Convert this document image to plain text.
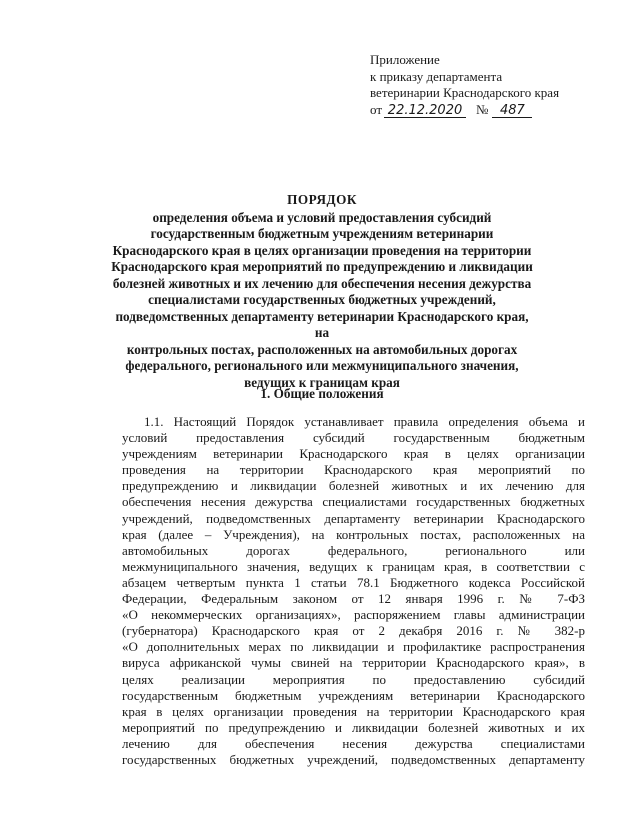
Приложение
к приказу департамента
ветеринарии Краснодарского края
от 22.12.2020 № 487
ПОРЯДОК
определения объема и условий предоставления субсидий
государственным бюджетным учреждениям ветеринарии
Краснодарского края в целях организации проведения на территории
Краснодарского края мероприятий по предупреждению и ликвидации
болезней животных и их лечению для обеспечения несения дежурства
специалистами государственных бюджетных учреждений,
подведомственных департаменту ветеринарии Краснодарского края, на
контрольных постах, расположенных на автомобильных дорогах
федерального, регионального или межмуниципального значения,
ведущих к границам края
1. Общие положения
1.1. Настоящий Порядок устанавливает правила определения объема и
условий предоставления субсидий государственным бюджетным
учреждениям ветеринарии Краснодарского края в целях организации
проведения на территории Краснодарского края мероприятий по
предупреждению и ликвидации болезней животных и их лечению для
обеспечения несения дежурства специалистами государственных бюджетных
учреждений, подведомственных департаменту ветеринарии Краснодарского
края (далее – Учреждения), на контрольных постах, расположенных на
автомобильных дорогах федерального, регионального или
межмуниципального значения, ведущих к границам края, в соответствии с
абзацем четвертым пункта 1 статьи 78.1 Бюджетного кодекса Российской
Федерации, Федеральным законом от 12 января 1996 г. № 7-ФЗ
«О некоммерческих организациях», распоряжением главы администрации
(губернатора) Краснодарского края от 2 декабря 2016 г. № 382-р
«О дополнительных мерах по ликвидации и профилактике распространения
вируса африканской чумы свиней на территории Краснодарского края», в
целях реализации мероприятия по предоставлению субсидий
государственным бюджетным учреждениям ветеринарии Краснодарского
края в целях организации проведения на территории Краснодарского края
мероприятий по предупреждению и ликвидации болезней животных и их
лечению для обеспечения несения дежурства специалистами
государственных бюджетных учреждений, подведомственных департаменту
